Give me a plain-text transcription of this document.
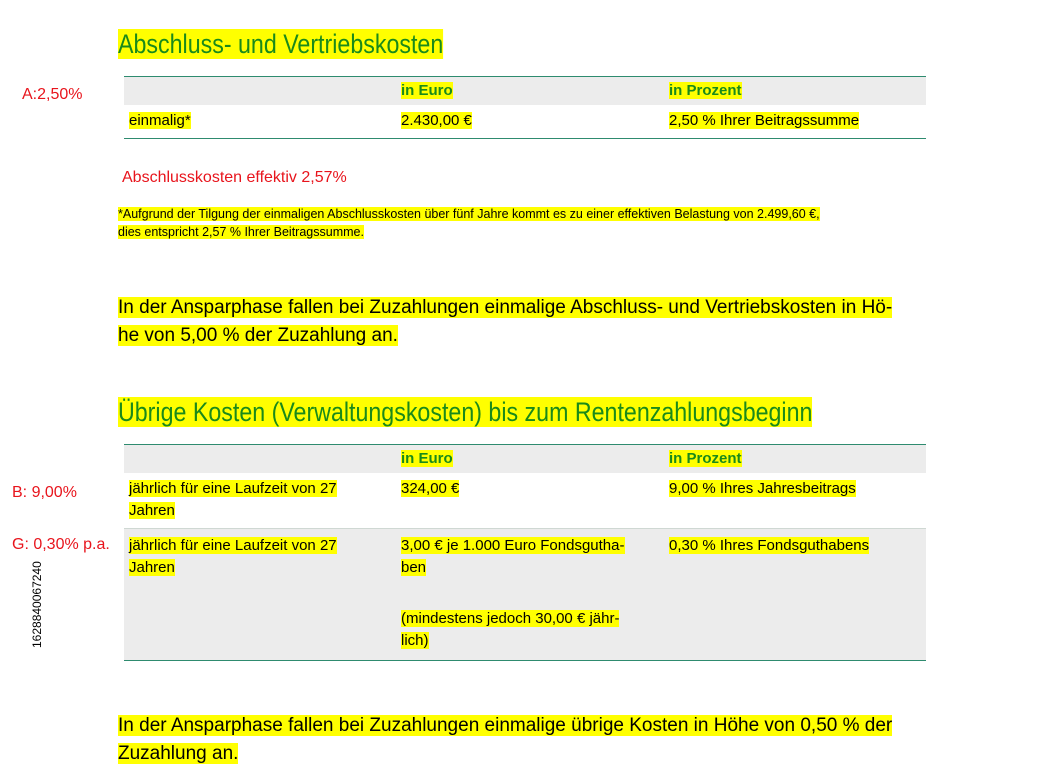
Abschluss- und Vertriebskosten
A:2,50%
		in Euro	in Prozent
einmalig*	2.430,00 €	2,50 % Ihrer Beitragssumme
Abschlusskosten effektiv 2,57%
*Aufgrund der Tilgung der einmaligen Abschlusskosten über fünf Jahre kommt es zu einer effektiven Belastung von 2.499,60 €,
dies entspricht 2,57 % Ihrer Beitragssumme.
In der Ansparphase fallen bei Zuzahlungen einmalige Abschluss- und Vertriebskosten in Hö-
he von 5,00 % der Zuzahlung an.
Übrige Kosten (Verwaltungskosten) bis zum Rentenzahlungsbeginn
B: 9,00%
G: 0,30% p.a.
	in Euro	in Prozent
jährlich für eine Laufzeit von 27
Jahren	324,00 €	9,00 % Ihres Jahresbeitrags
jährlich für eine Laufzeit von 27
Jahren	3,00 € je 1.000 Euro Fondsgutha-
ben

(mindestens jedoch 30,00 € jähr-
lich)	0,30 % Ihres Fondsguthabens
In der Ansparphase fallen bei Zuzahlungen einmalige übrige Kosten in Höhe von 0,50 % der
Zuzahlung an.
1628840067240
